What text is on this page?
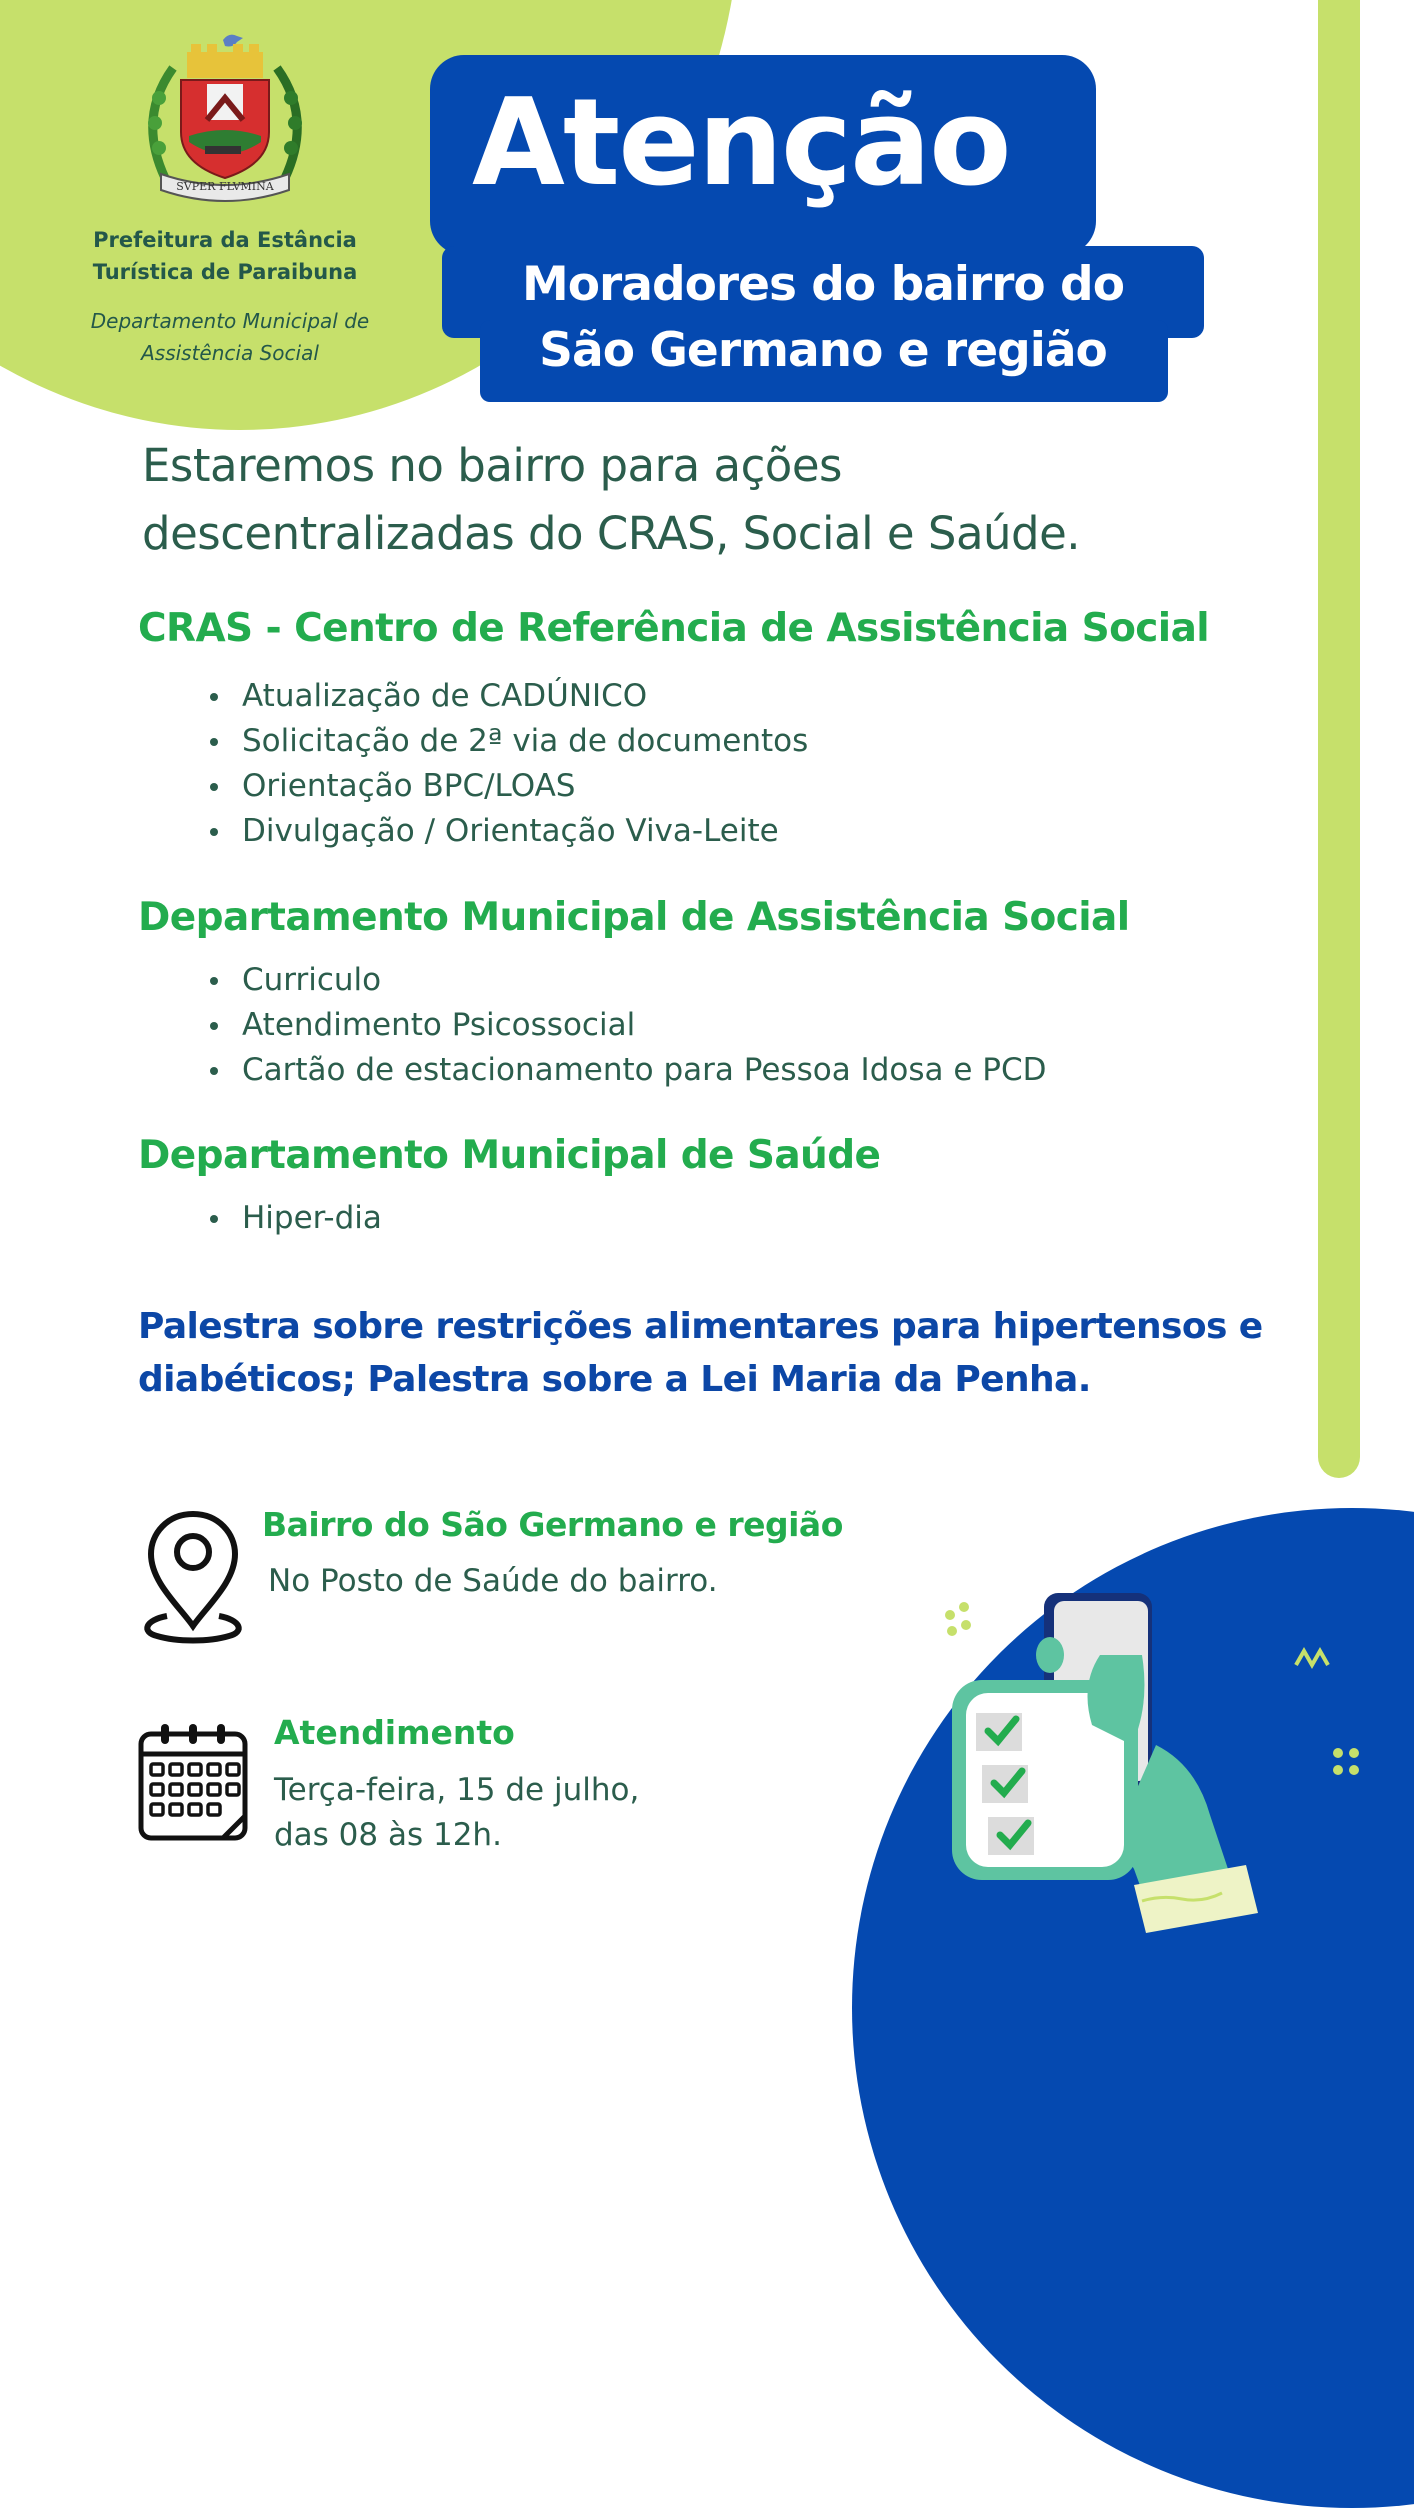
SVPER FLVMINA
Prefeitura da Estância
Turística de Paraibuna
Departamento Municipal de
Assistência Social
Atenção
Moradores do bairro do
São Germano e região
Estaremos no bairro para ações
descentralizadas do CRAS, Social e Saúde.
CRAS - Centro de Referência de Assistência Social
Atualização de CADÚNICO
Solicitação de 2ª via de documentos
Orientação BPC/LOAS
Divulgação / Orientação Viva-Leite
Departamento Municipal de Assistência Social
Curriculo
Atendimento Psicossocial
Cartão de estacionamento para Pessoa Idosa e PCD
Departamento Municipal de Saúde
Hiper-dia
Palestra sobre restrições alimentares para hipertensos e
diabéticos; Palestra sobre a Lei Maria da Penha.
Bairro do São Germano e região
No Posto de Saúde do bairro.
Atendimento
Terça-feira, 15 de julho,
das 08 às 12h.
